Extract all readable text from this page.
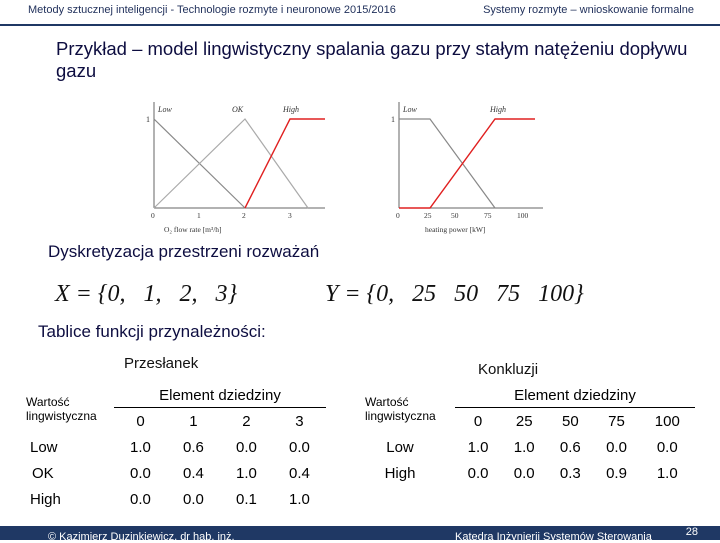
Metody sztucznej inteligencji - Technologie rozmyte i neuronowe 2015/2016	Systemy rozmyte – wnioskowanie formalne
Przykład – model lingwistyczny spalania gazu przy stałym natężeniu dopływu gazu
1
Low	OK	High
0	1	2	3
O₂ flow rate [m³/h]
1
Low	High
0	25	50	75	100
heating power [kW]
Dyskretyzacja przestrzeni rozważań
X = {0,   1,   2,   3}	Y = {0,   25   50   75   100}
Tablice funkcji przynależności:
Przesłanek	Konkluzji
Wartość lingwistyczna	Element dziedziny			
	0	1	2	3
Low	1.0	0.6	0.0	0.0
OK	0.0	0.4	1.0	0.4
High	0.0	0.0	0.1	1.0
Wartość lingwistyczna	Element dziedziny				
	0	25	50	75	100
Low	1.0	1.0	0.6	0.0	0.0
High	0.0	0.0	0.3	0.9	1.0
© Kazimierz Duzinkiewicz, dr hab. inż.	Katedra Inżynierii Systemów Sterowania	28
